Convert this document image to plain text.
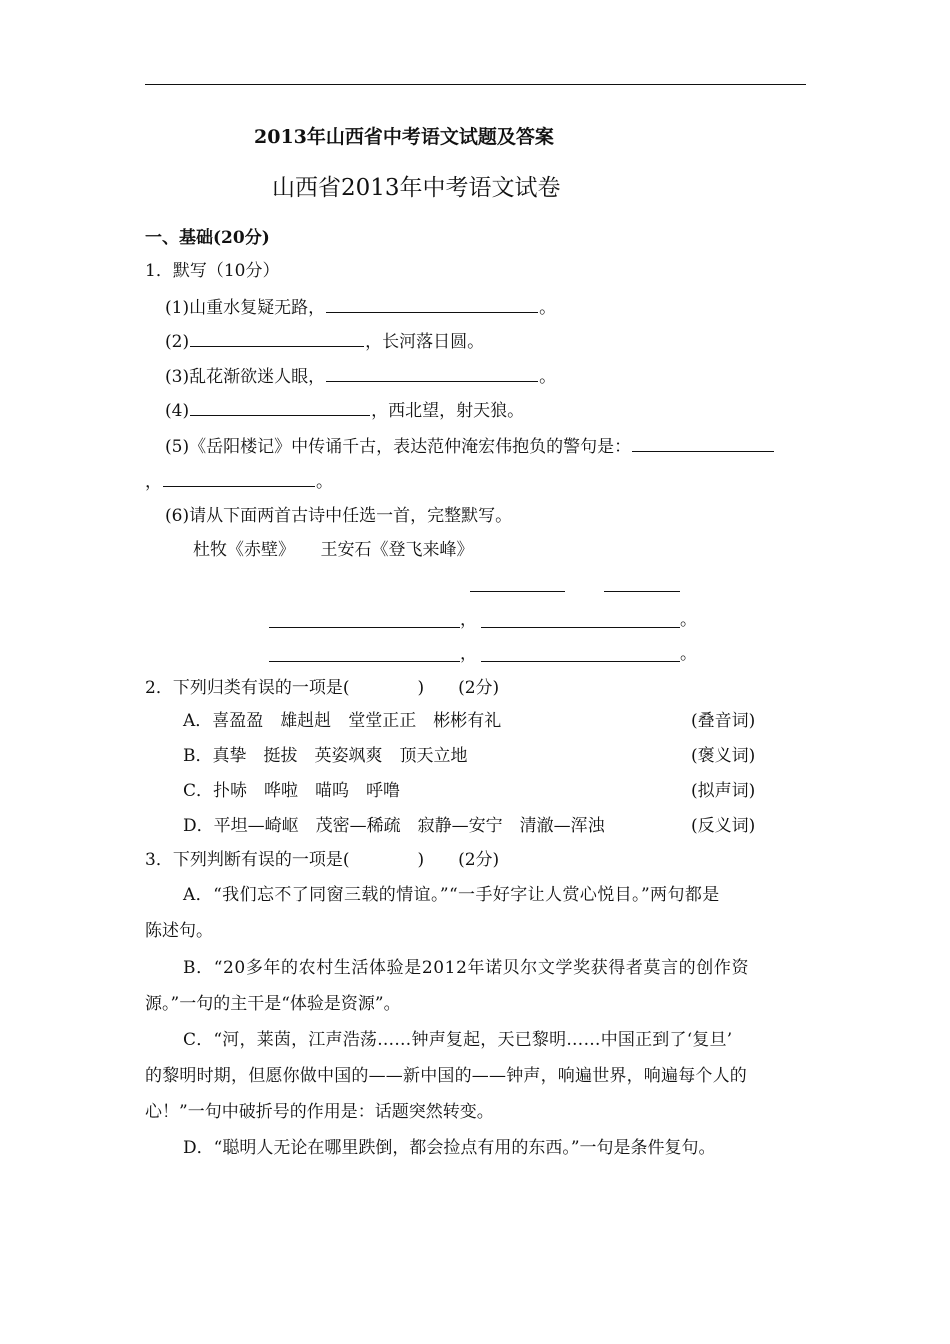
2013年山西省中考语文试题及答案
山西省2013年中考语文试卷
一、基础(20分)
1．默写（10分）
(1)山重水复疑无路，	。
(2)	，长河落日圆。
(3)乱花渐欲迷人眼，	。
(4)	，西北望，射天狼。
(5)《岳阳楼记》中传诵千古，表达范仲淹宏伟抱负的警句是：
，	。
(6)请从下面两首古诗中任选一首，完整默写。
杜牧《赤壁》　　王安石《登飞来峰》
，	。
，	。
2．下列归类有误的一项是(　　　　)　　(2分)
A．喜盈盈　雄赳赳　堂堂正正　彬彬有礼	(叠音词)
B．真挚　挺拔　英姿飒爽　顶天立地	(褒义词)
C．扑哧　哗啦　喵呜　呼噜	(拟声词)
D．平坦—崎岖　茂密—稀疏　寂静—安宁　清澈—浑浊	(反义词)
3．下列判断有误的一项是(　　　　)　　(2分)
A．“我们忘不了同窗三载的情谊。”“一手好字让人赏心悦目。”两句都是
陈述句。
B．“20多年的农村生活体验是2012年诺贝尔文学奖获得者莫言的创作资
源。”一句的主干是“体验是资源”。
C．“河，莱茵，江声浩荡……钟声复起，天已黎明……中国正到了‘复旦’
的黎明时期，但愿你做中国的——新中国的——钟声，响遍世界，响遍每个人的
心！”一句中破折号的作用是：话题突然转变。
D．“聪明人无论在哪里跌倒，都会捡点有用的东西。”一句是条件复句。
